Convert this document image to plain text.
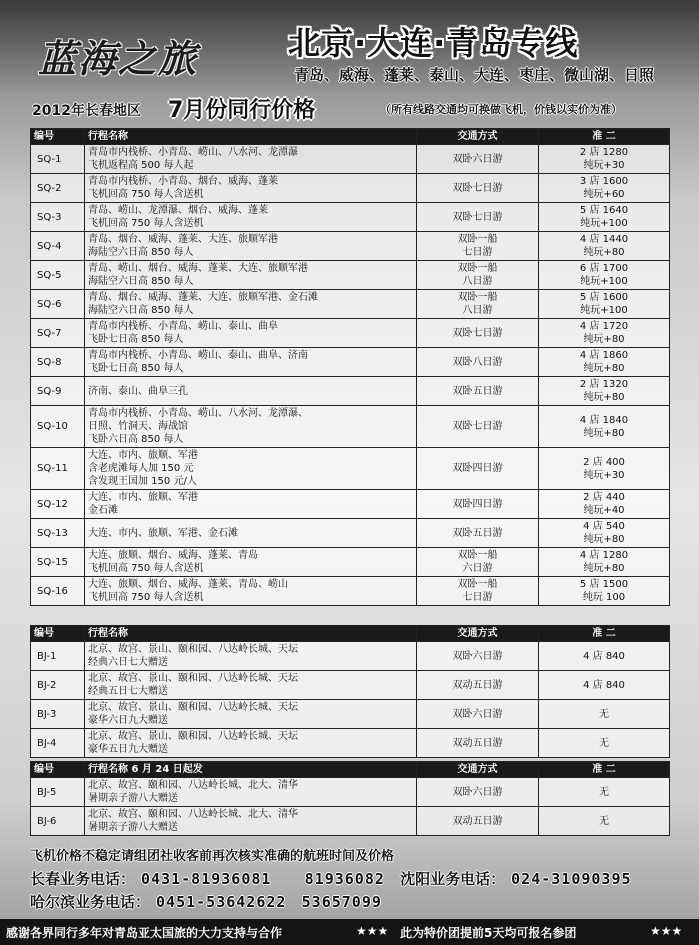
蓝海之旅	北京·大连·青岛专线
青岛、威海、蓬莱、泰山、大连、枣庄、微山湖、日照
2012年长春地区 7月份同行价格	（所有线路交通均可换做飞机，价钱以实价为准）
编号	行程名称	交通方式	准 二
SQ-1	青岛市内栈桥、小青岛、崂山、八水河、龙潭瀑
飞机返程高 500 每人起	双卧六日游	2 店 1280
纯玩+30

SQ-2	青岛市内栈桥、小青岛、烟台、威海、蓬莱
飞机回高 750 每人含送机	双卧七日游	3 店 1600
纯玩+60

SQ-3	青岛、崂山、龙潭瀑、烟台、威海、蓬莱
飞机回高 750 每人含送机	双卧七日游	5 店 1640
纯玩+100

SQ-4	青岛、烟台、威海、蓬莱、大连、旅顺军港
海陆空六日高 850 每人	双卧一船
七日游	4 店 1440
纯玩+80

SQ-5	青岛、崂山、烟台、威海、蓬莱、大连、旅顺军港
海陆空六日高 850 每人	双卧一船
八日游	6 店 1700
纯玩+100

SQ-6	青岛、烟台、威海、蓬莱、大连、旅顺军港、金石滩
海陆空六日高 850 每人	双卧一船
八日游	5 店 1600
纯玩+100

SQ-7	青岛市内栈桥、小青岛、崂山、泰山、曲阜
飞卧七日高 850 每人	双卧七日游	4 店 1720
纯玩+80

SQ-8	青岛市内栈桥、小青岛、崂山、泰山、曲阜、济南
飞卧七日高 850 每人	双卧八日游	4 店 1860
纯玩+80

SQ-9	济南、泰山、曲阜三孔	双卧五日游	2 店 1320
纯玩+80

SQ-10	青岛市内栈桥、小青岛、崂山、八水河、龙潭瀑、
日照、竹洞天、海战馆
飞卧六日高 850 每人	双卧七日游	4 店 1840
纯玩+80

SQ-11	大连、市内、旅顺、军港
含老虎滩每人加 150 元
含发现王国加 150 元/人	双卧四日游	2 店 400
纯玩+30

SQ-12	大连、市内、旅顺、军港
金石滩	双卧四日游	2 店 440
纯玩+40

SQ-13	大连、市内、旅顺、军港、金石滩	双卧五日游	4 店 540
纯玩+80

SQ-15	大连、旅顺、烟台、威海、蓬莱、青岛
飞机回高 750 每人含送机	双卧一船
六日游	4 店 1280
纯玩+80

SQ-16	大连、旅顺、烟台、威海、蓬莱、青岛、崂山
飞机回高 750 每人含送机	双卧一船
七日游	5 店 1500
纯玩 100
编号	行程名称	交通方式	准 二
BJ-1	北京、故宫、景山、颐和园、八达岭长城、天坛
经典六日七大赠送	双卧六日游	4 店 840

BJ-2	北京、故宫、景山、颐和园、八达岭长城、天坛
经典五日七大赠送	双动五日游	4 店 840

BJ-3	北京、故宫、景山、颐和园、八达岭长城、天坛
豪华六日九大赠送	双卧六日游	无

BJ-4	北京、故宫、景山、颐和园、八达岭长城、天坛
豪华五日九大赠送	双动五日游	无
编号	行程名称 6 月 24 日起发	交通方式	准 二
BJ-5	北京、故宫、颐和园、八达岭长城、北大、清华
暑期亲子游八大赠送	双卧六日游	无

BJ-6	北京、故宫、颐和园、八达岭长城、北大、清华
暑期亲子游八大赠送	双动五日游	无
飞机价格不稳定请组团社收客前再次核实准确的航班时间及价格
长春业务电话： 0431-81936081 81936082 沈阳业务电话： 024-31090395
哈尔滨业务电话： 0451-53642622 53657099
感谢各界同行多年对青岛亚太国旅的大力支持与合作	★★★ 此为特价团提前5天均可报名参团	★★★
